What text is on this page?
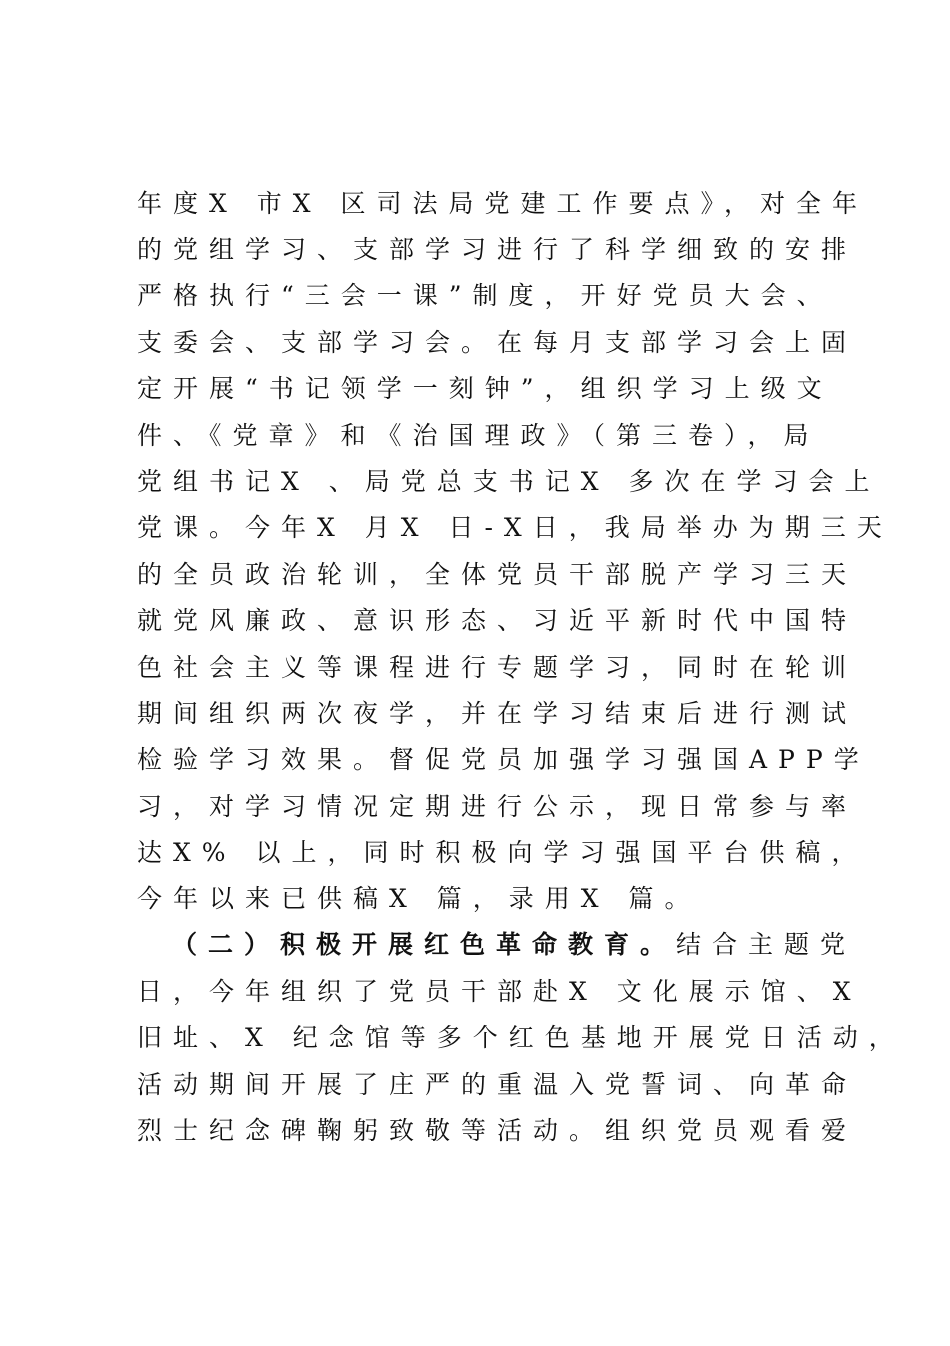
年度X 市X 区司法局党建工作要点》，对全年
的党组学习、支部学习进行了科学细致的安排
严格执行“三会一课”制度，开好党员大会、
支委会、支部学习会。在每月支部学习会上固
定开展“书记领学一刻钟”，组织学习上级文
件、《党章》和《治国理政》（第三卷），局
党组书记X 、局党总支书记X 多次在学习会上
党课。今年X 月X 日-X日，我局举办为期三天
的全员政治轮训，全体党员干部脱产学习三天
就党风廉政、意识形态、习近平新时代中国特
色社会主义等课程进行专题学习，同时在轮训
期间组织两次夜学，并在学习结束后进行测试
检验学习效果。督促党员加强学习强国APP学
习，对学习情况定期进行公示，现日常参与率
达X% 以上，同时积极向学习强国平台供稿，
今年以来已供稿X 篇，录用X 篇。
（二）积极开展红色革命教育。结合主题党
日，今年组织了党员干部赴X 文化展示馆、X
旧址、X 纪念馆等多个红色基地开展党日活动，
活动期间开展了庄严的重温入党誓词、向革命
烈士纪念碑鞠躬致敬等活动。组织党员观看爱
